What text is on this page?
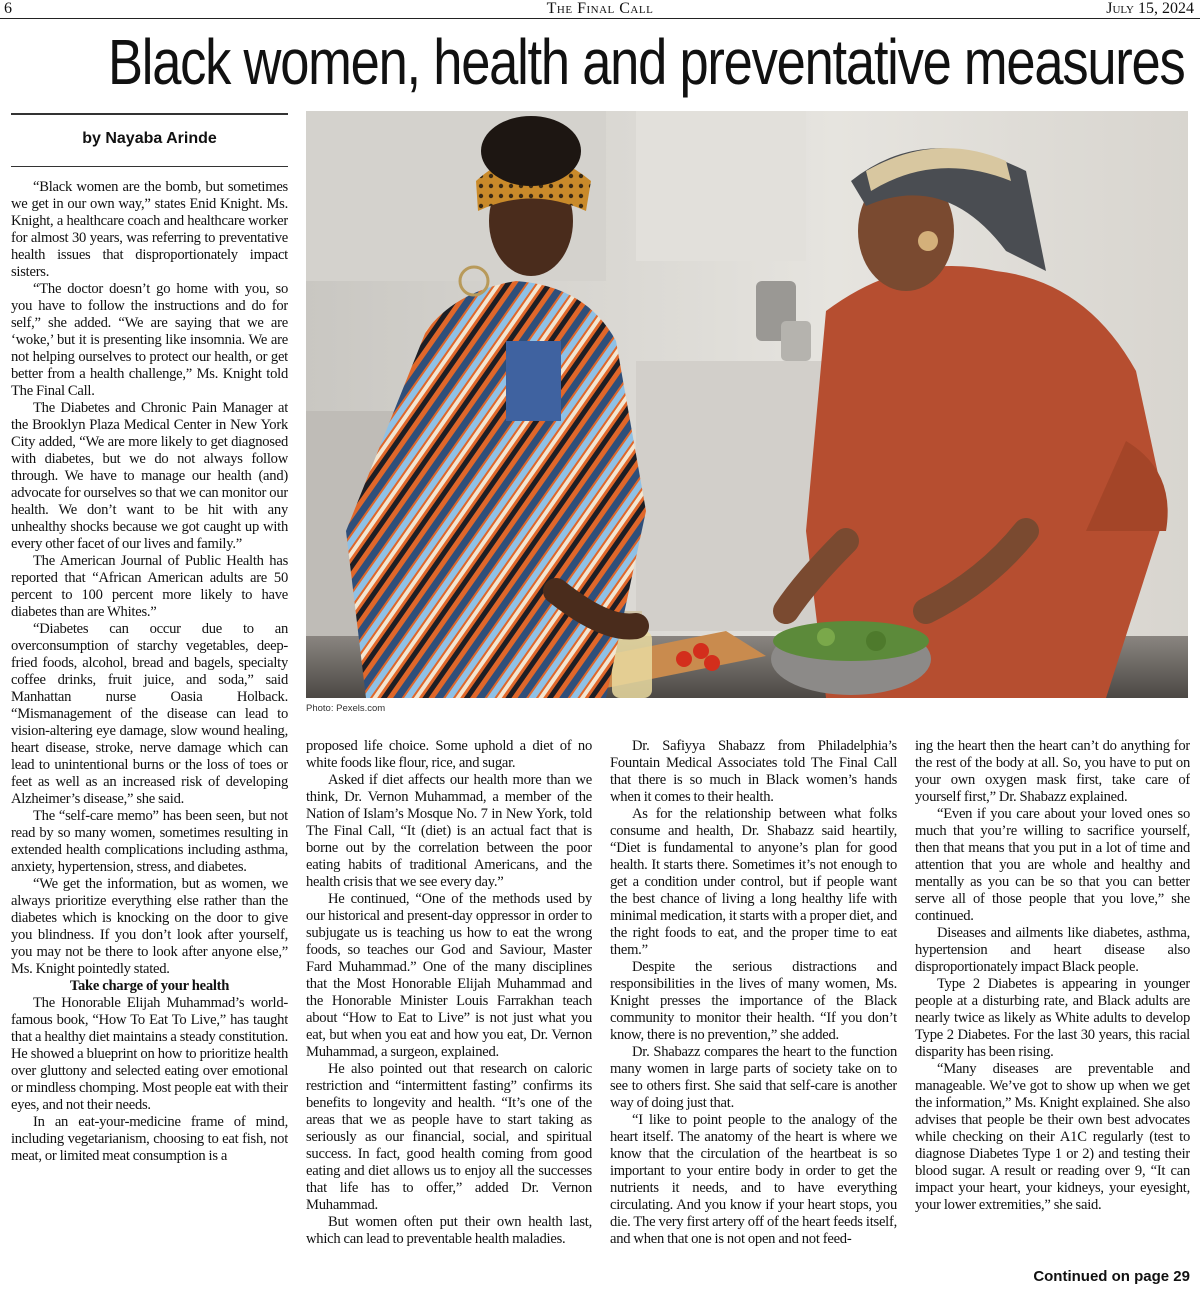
6	The Final Call	July 15, 2024
Black women, health and preventative measures
by Nayaba Arinde
Photo: Pexels.com

“Black women are the bomb, but sometimes we get in our own way,” states Enid Knight. Ms. Knight, a healthcare coach and healthcare worker for almost 30 years, was referring to preventative health issues that disproportionately impact sisters.

“The doctor doesn’t go home with you, so you have to follow the instructions and do for self,” she added. “We are saying that we are ‘woke,’ but it is presenting like insomnia. We are not helping ourselves to protect our health, or get better from a health challenge,” Ms. Knight told The Final Call.

The Diabetes and Chronic Pain Manager at the Brooklyn Plaza Medical Center in New York City added, “We are more likely to get diagnosed with diabetes, but we do not always follow through. We have to manage our health (and) advocate for ourselves so that we can monitor our health. We don’t want to be hit with any unhealthy shocks because we got caught up with every other facet of our lives and family.”

The American Journal of Public Health has reported that “African American adults are 50 percent to 100 percent more likely to have diabetes than are Whites.”

“Diabetes can occur due to an overconsumption of starchy vegetables, deep-fried foods, alcohol, bread and bagels, specialty coffee drinks, fruit juice, and soda,” said Manhattan nurse Oasia Holback. “Mismanagement of the disease can lead to vision-altering eye damage, slow wound healing, heart disease, stroke, nerve damage which can lead to unintentional burns or the loss of toes or feet as well as an increased risk of developing Alzheimer’s disease,” she said.

The “self-care memo” has been seen, but not read by so many women, sometimes resulting in extended health complications including asthma, anxiety, hypertension, stress, and diabetes.

“We get the information, but as women, we always prioritize everything else rather than the diabetes which is knocking on the door to give you blindness. If you don’t look after yourself, you may not be there to look after anyone else,” Ms. Knight pointedly stated.

Take charge of your health

The Honorable Elijah Muhammad’s world-famous book, “How To Eat To Live,” has taught that a healthy diet maintains a steady constitution. He showed a blueprint on how to prioritize health over gluttony and selected eating over emotional or mindless chomping. Most people eat with their eyes, and not their needs.

In an eat-your-medicine frame of mind, including vegetarianism, choosing to eat fish, not meat, or limited meat consumption is a

proposed life choice. Some uphold a diet of no white foods like flour, rice, and sugar.

Asked if diet affects our health more than we think, Dr. Vernon Muhammad, a member of the Nation of Islam’s Mosque No. 7 in New York, told The Final Call, “It (diet) is an actual fact that is borne out by the correlation between the poor eating habits of traditional Americans, and the health crisis that we see every day.”

He continued, “One of the methods used by our historical and present-day oppressor in order to subjugate us is teaching us how to eat the wrong foods, so teaches our God and Saviour, Master Fard Muhammad.” One of the many disciplines that the Most Honorable Elijah Muhammad and the Honorable Minister Louis Farrakhan teach about “How to Eat to Live” is not just what you eat, but when you eat and how you eat, Dr. Vernon Muhammad, a surgeon, explained.

He also pointed out that research on caloric restriction and “intermittent fasting” confirms its benefits to longevity and health. “It’s one of the areas that we as people have to start taking as seriously as our financial, social, and spiritual success. In fact, good health coming from good eating and diet allows us to enjoy all the successes that life has to offer,” added Dr. Vernon Muhammad.

But women often put their own health last, which can lead to preventable health maladies.

Dr. Safiyya Shabazz from Philadelphia’s Fountain Medical Associates told The Final Call that there is so much in Black women’s hands when it comes to their health.

As for the relationship between what folks consume and health, Dr. Shabazz said heartily, “Diet is fundamental to anyone’s plan for good health. It starts there. Sometimes it’s not enough to get a condition under control, but if people want the best chance of living a long healthy life with minimal medication, it starts with a proper diet, and the right foods to eat, and the proper time to eat them.”

Despite the serious distractions and responsibilities in the lives of many women, Ms. Knight presses the importance of the Black community to monitor their health. “If you don’t know, there is no prevention,” she added.

Dr. Shabazz compares the heart to the function many women in large parts of society take on to see to others first. She said that self-care is another way of doing just that.

“I like to point people to the analogy of the heart itself. The anatomy of the heart is where we know that the circulation of the heartbeat is so important to your entire body in order to get the nutrients it needs, and to have everything circulating. And you know if your heart stops, you die. The very first artery off of the heart feeds itself, and when that one is not open and not feed-

ing the heart then the heart can’t do anything for the rest of the body at all. So, you have to put on your own oxygen mask first, take care of yourself first,” Dr. Shabazz explained.

“Even if you care about your loved ones so much that you’re willing to sacrifice yourself, then that means that you put in a lot of time and attention that you are whole and healthy and mentally as you can be so that you can better serve all of those people that you love,” she continued.

Diseases and ailments like diabetes, asthma, hypertension and heart disease also disproportionately impact Black people.

Type 2 Diabetes is appearing in younger people at a disturbing rate, and Black adults are nearly twice as likely as White adults to develop Type 2 Diabetes. For the last 30 years, this racial disparity has been rising.

“Many diseases are preventable and manageable. We’ve got to show up when we get the information,” Ms. Knight explained. She also advises that people be their own best advocates while checking on their A1C regularly (test to diagnose Diabetes Type 1 or 2) and testing their blood sugar. A result or reading over 9, “It can impact your heart, your kidneys, your eyesight, your lower extremities,” she said.

Continued on page 29
